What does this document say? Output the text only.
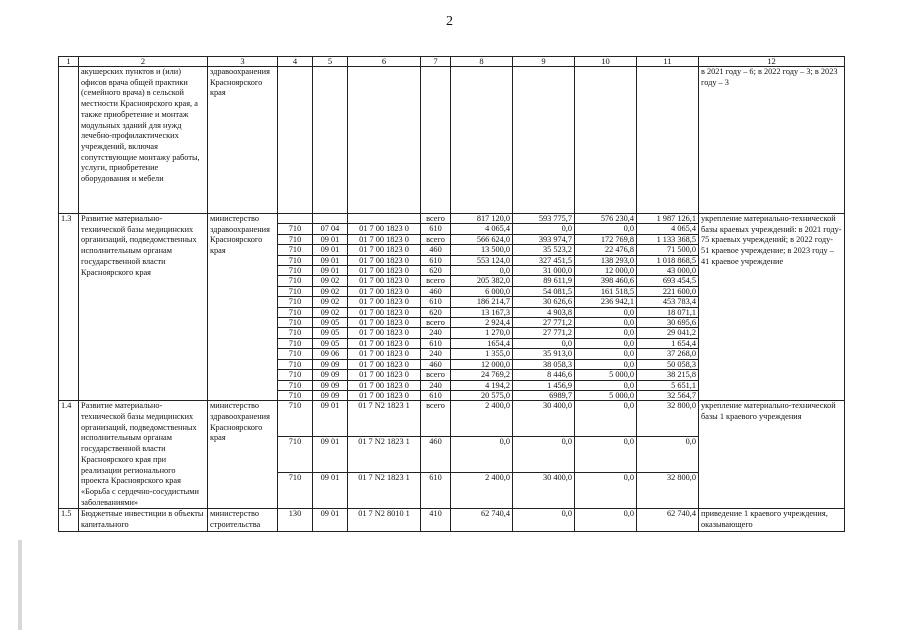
2
1	2	3	4	5	6	7	8	9	10	11	12
	акушерских пунктов и (или) офисов врача общей практики (семейного врача) в сельской местности Красноярского края, а также приобретение и монтаж модульных зданий для нужд лечебно-профилактических учреждений, включая сопутствующие монтажу работы, услуги, приобретение оборудования и мебели	здравоохранения Красноярского края									в 2021 году – 6; в 2022 году – 3; в 2023 году – 3
1.3	Развитие материально-технической базы медицинских организаций, подведомственных исполнительным органам государственной власти Красноярского края	министерство здравоохранения Красноярского края				всего	817 120,0	593 775,7	576 230,4	1 987 126,1	укрепление материально-технической базы краевых учреждений: в 2021 году- 75 краевых учреждений; в 2022 году- 51 краевое учреждение; в 2023 году – 41 краевое учреждение
			710	07 04	01 7 00 1823 0	610	4 065,4	0,0	0,0	4 065,4	
			710	09 01	01 7 00 1823 0	всего	566 624,0	393 974,7	172 769,8	1 133 368,5	
			710	09 01	01 7 00 1823 0	460	13 500,0	35 523,2	22 476,8	71 500,0	
			710	09 01	01 7 00 1823 0	610	553 124,0	327 451,5	138 293,0	1 018 868,5	
			710	09 01	01 7 00 1823 0	620	0,0	31 000,0	12 000,0	43 000,0	
			710	09 02	01 7 00 1823 0	всего	205 382,0	89 611,9	398 460,6	693 454,5	
			710	09 02	01 7 00 1823 0	460	6 000,0	54 081,5	161 518,5	221 600,0	
			710	09 02	01 7 00 1823 0	610	186 214,7	30 626,6	236 942,1	453 783,4	
			710	09 02	01 7 00 1823 0	620	13 167,3	4 903,8	0,0	18 071,1	
			710	09 05	01 7 00 1823 0	всего	2 924,4	27 771,2	0,0	30 695,6	
			710	09 05	01 7 00 1823 0	240	1 270,0	27 771,2	0,0	29 041,2	
			710	09 05	01 7 00 1823 0	610	1654,4	0,0	0,0	1 654,4	
			710	09 06	01 7 00 1823 0	240	1 355,0	35 913,0	0,0	37 268,0	
			710	09 09	01 7 00 1823 0	460	12 000,0	38 058,3	0,0	50 058,3	
			710	09 09	01 7 00 1823 0	всего	24 769,2	8 446,6	5 000,0	38 215,8	
			710	09 09	01 7 00 1823 0	240	4 194,2	1 456,9	0,0	5 651,1	
			710	09 09	01 7 00 1823 0	610	20 575,0	6989,7	5 000,0	32 564,7	
1.4	Развитие материально-технической базы медицинских организаций, подведомственных исполнительным органам государственной власти Красноярского края при реализации регионального проекта Красноярского края «Борьба с сердечно-сосудистыми заболеваниями»	министерство здравоохранения Красноярского края	710	09 01	01 7 N2 1823 1	всего	2 400,0	30 400,0	0,0	32 800,0	укрепление материально-технической базы 1 краевого учреждения
			710	09 01	01 7 N2 1823 1	460	0,0	0,0	0,0	0,0	
			710	09 01	01 7 N2 1823 1	610	2 400,0	30 400,0	0,0	32 800,0	

1.5	Бюджетные инвестиции в объекты капитального	министерство строительства	130	09 01	01 7 N2 8010 1	410	62 740,4	0,0	0,0	62 740,4	приведение 1 краевого учреждения, оказывающего
